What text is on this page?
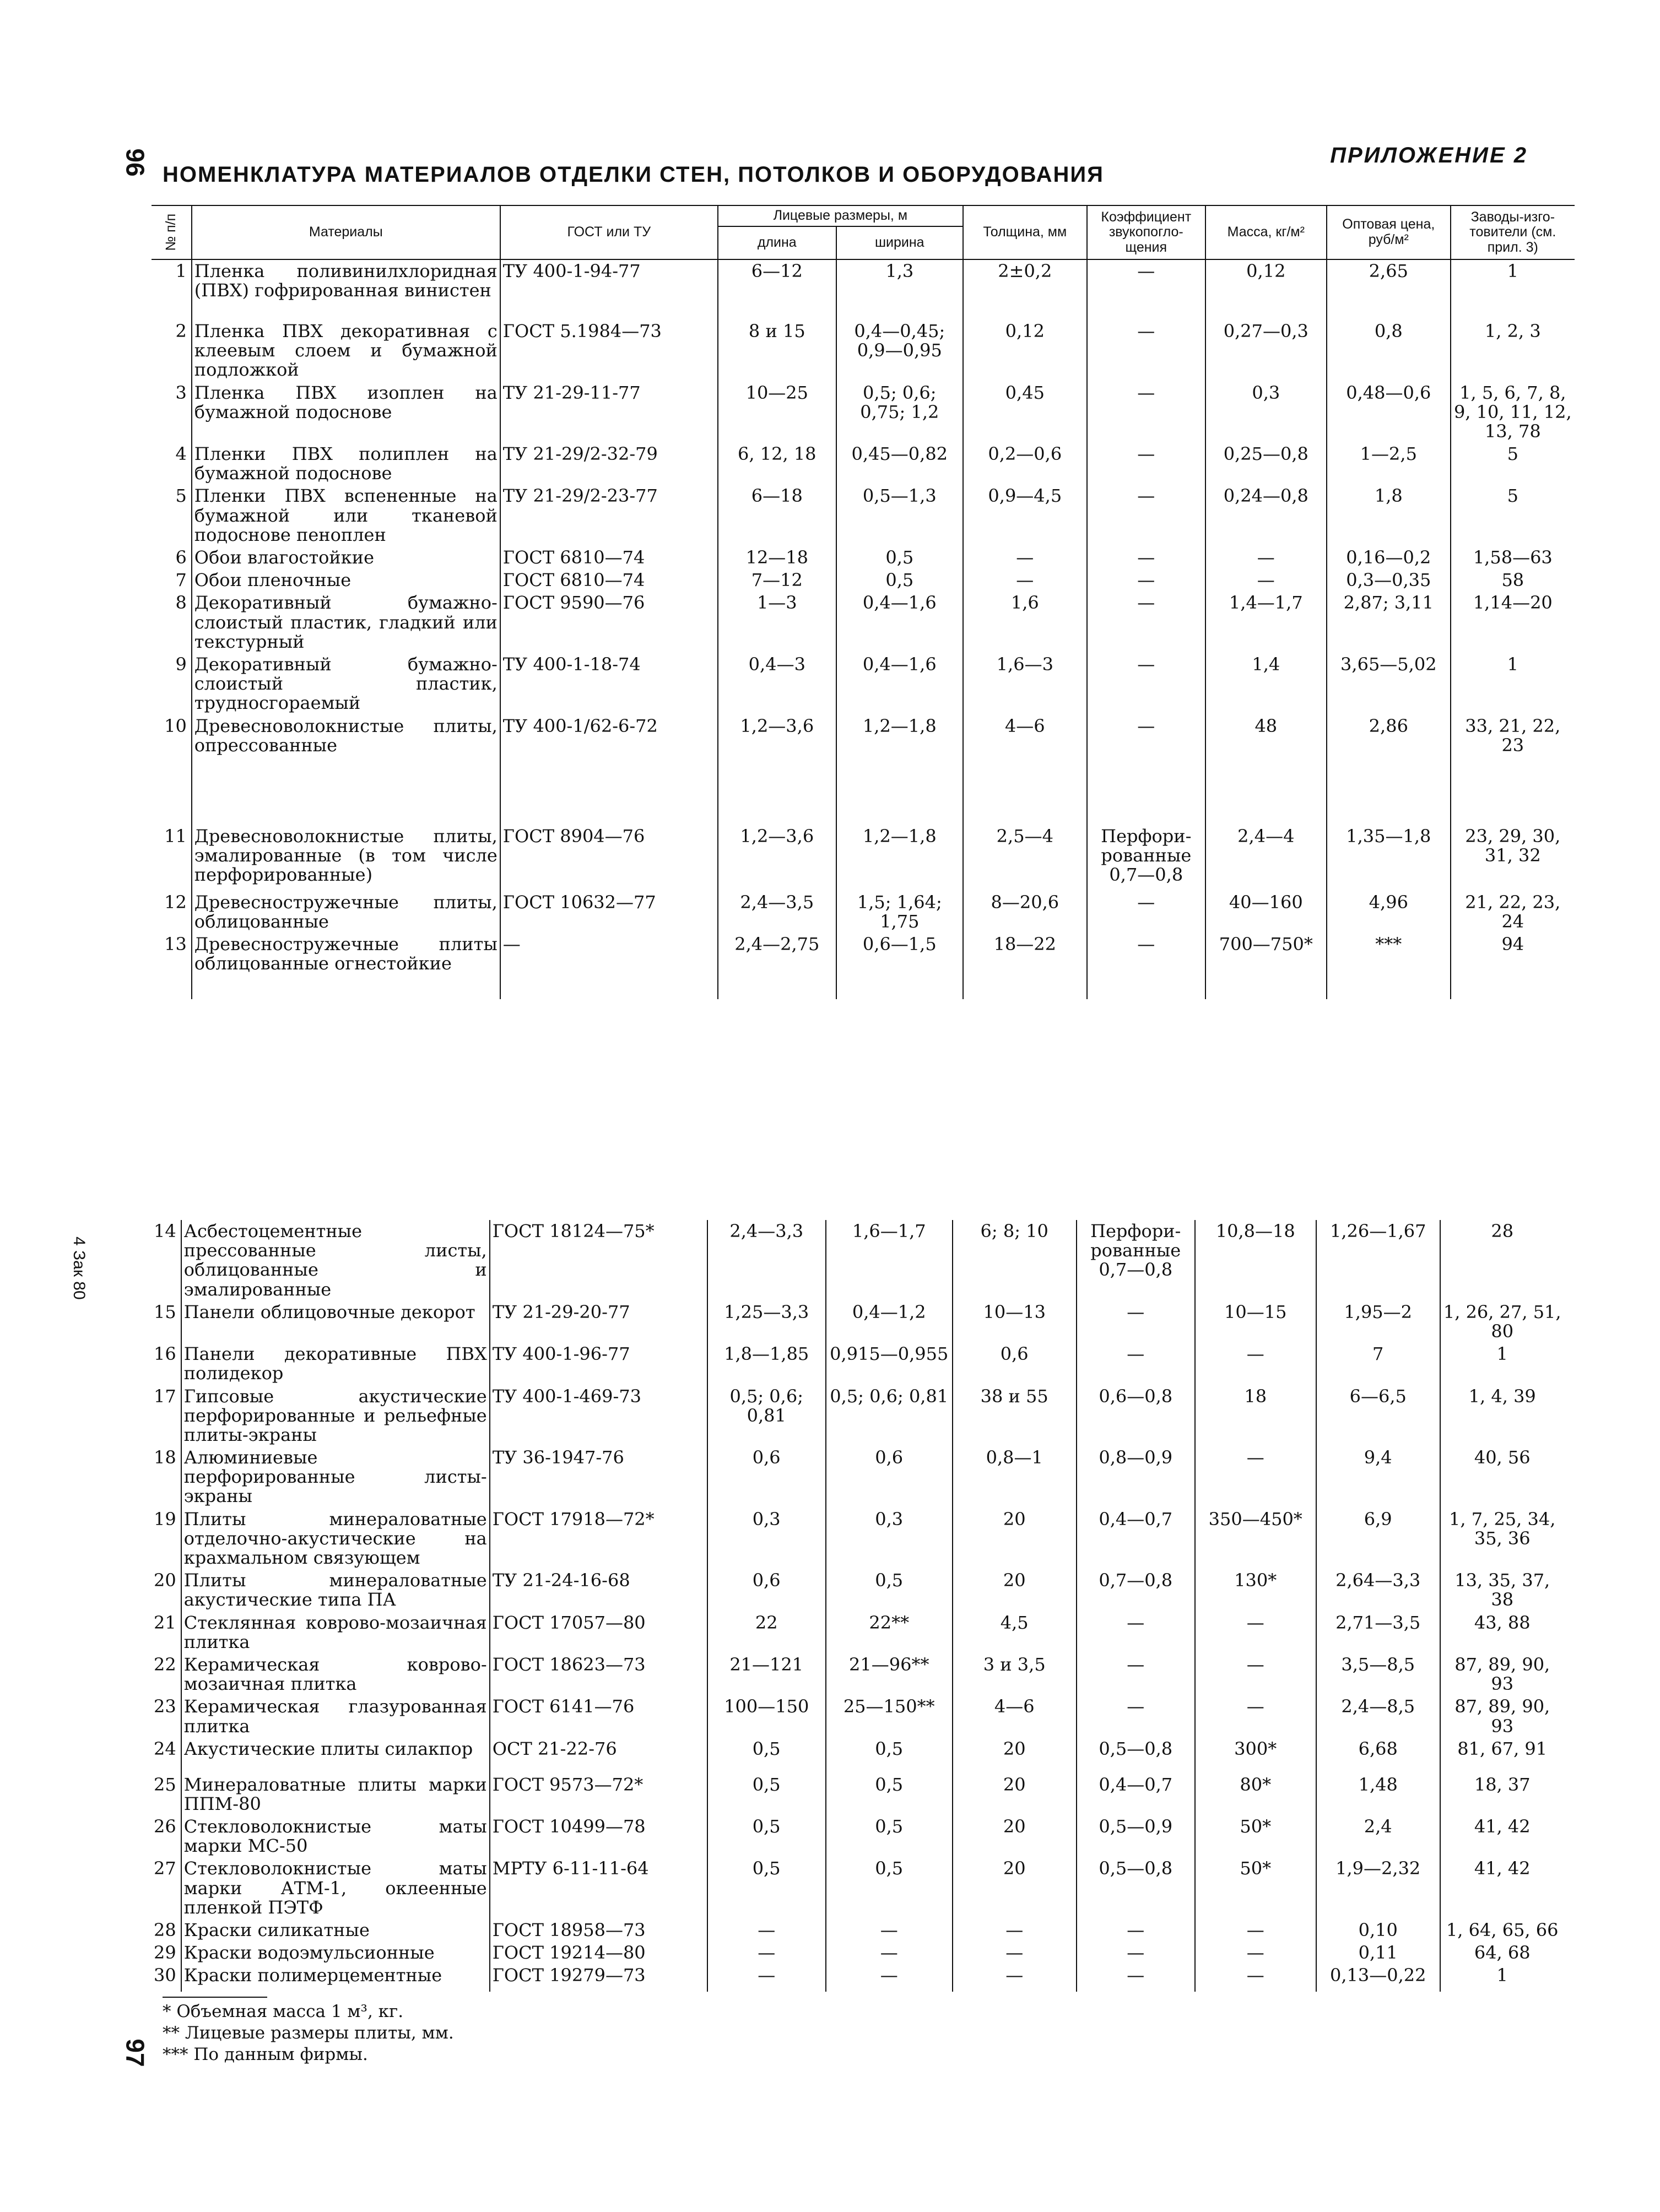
96
4 Зак 80
97
НОМЕНКЛАТУРА МАТЕРИАЛОВ ОТДЕЛКИ СТЕН, ПОТОЛКОВ И ОБОРУДОВАНИЯ
ПРИЛОЖЕНИЕ 2
№ п/п	Материалы	ГОСТ или ТУ	Лицевые размеры, м		Толщина, мм	Коэффициент звукопогло-щения	Масса, кг/м²	Оптовая цена, руб/м²	Заводы-изго-товители (см. прил. 3)
			длина	ширина					
1	Пленка поливинилхлоридная (ПВХ) гофрированная винистен	ТУ 400-1-94-77	6—12	1,3	2±0,2	—	0,12	2,65	1
2	Пленка ПВХ декоративная с клеевым слоем и бумажной подложкой	ГОСТ 5.1984—73	8 и 15	0,4—0,45; 0,9—0,95	0,12	—	0,27—0,3	0,8	1, 2, 3
3	Пленка ПВХ изоплен на бумажной подоснове	ТУ 21-29-11-77	10—25	0,5; 0,6; 0,75; 1,2	0,45	—	0,3	0,48—0,6	1, 5, 6, 7, 8, 9, 10, 11, 12, 13, 78
4	Пленки ПВХ полиплен на бумажной подоснове	ТУ 21-29/2-32-79	6, 12, 18	0,45—0,82	0,2—0,6	—	0,25—0,8	1—2,5	5
5	Пленки ПВХ вспененные на бумажной или тканевой подоснове пеноплен	ТУ 21-29/2-23-77	6—18	0,5—1,3	0,9—4,5	—	0,24—0,8	1,8	5
6	Обои влагостойкие	ГОСТ 6810—74	12—18	0,5	—	—	—	0,16—0,2	1,58—63
7	Обои пленочные	ГОСТ 6810—74	7—12	0,5	—	—	—	0,3—0,35	58
8	Декоративный бумажно-слоистый пластик, гладкий или текстурный	ГОСТ 9590—76	1—3	0,4—1,6	1,6	—	1,4—1,7	2,87; 3,11	1,14—20
9	Декоративный бумажно-слоистый пластик, трудносгораемый	ТУ 400-1-18-74	0,4—3	0,4—1,6	1,6—3	—	1,4	3,65—5,02	1
10	Древесноволокнистые плиты, опрессованные	ТУ 400-1/62-6-72	1,2—3,6	1,2—1,8	4—6	—	48	2,86	33, 21, 22, 23
11	Древесноволокнистые плиты, эмалированные (в том числе перфорированные)	ГОСТ 8904—76	1,2—3,6	1,2—1,8	2,5—4	Перфори-рованные 0,7—0,8	2,4—4	1,35—1,8	23, 29, 30, 31, 32
12	Древесностружечные плиты, облицованные	ГОСТ 10632—77	2,4—3,5	1,5; 1,64; 1,75	8—20,6	—	40—160	4,96	21, 22, 23, 24
13	Древесностружечные плиты облицованные огнестойкие	—	2,4—2,75	0,6—1,5	18—22	—	700—750*	***	94
14	Асбестоцементные прессованные листы, облицованные и эмалированные	ГОСТ 18124—75*	2,4—3,3	1,6—1,7	6; 8; 10	Перфори-рованные 0,7—0,8	10,8—18	1,26—1,67	28
15	Панели облицовочные декорот	ТУ 21-29-20-77	1,25—3,3	0,4—1,2	10—13	—	10—15	1,95—2	1, 26, 27, 51, 80
16	Панели декоративные ПВХ полидекор	ТУ 400-1-96-77	1,8—1,85	0,915—0,955	0,6	—	—	7	1
17	Гипсовые акустические перфорированные и рельефные плиты-экраны	ТУ 400-1-469-73	0,5; 0,6; 0,81	0,5; 0,6; 0,81	38 и 55	0,6—0,8	18	6—6,5	1, 4, 39
18	Алюминиевые перфорированные листы-экраны	ТУ 36-1947-76	0,6	0,6	0,8—1	0,8—0,9	—	9,4	40, 56
19	Плиты минераловатные отделочно-акустические на крахмальном связующем	ГОСТ 17918—72*	0,3	0,3	20	0,4—0,7	350—450*	6,9	1, 7, 25, 34, 35, 36
20	Плиты минераловатные акустические типа ПА	ТУ 21-24-16-68	0,6	0,5	20	0,7—0,8	130*	2,64—3,3	13, 35, 37, 38
21	Стеклянная ковpово-мозаичная плитка	ГОСТ 17057—80	22	22**	4,5	—	—	2,71—3,5	43, 88
22	Керамическая ковpово-мозаичная плитка	ГОСТ 18623—73	21—121	21—96**	3 и 3,5	—	—	3,5—8,5	87, 89, 90, 93
23	Керамическая глазурованная плитка	ГОСТ 6141—76	100—150	25—150**	4—6	—	—	2,4—8,5	87, 89, 90, 93
24	Акустические плиты силакпор	ОСТ 21-22-76	0,5	0,5	20	0,5—0,8	300*	6,68	81, 67, 91
25	Минераловатные плиты марки ППМ-80	ГОСТ 9573—72*	0,5	0,5	20	0,4—0,7	80*	1,48	18, 37
26	Стекловолокнистые маты марки МС-50	ГОСТ 10499—78	0,5	0,5	20	0,5—0,9	50*	2,4	41, 42
27	Стекловолокнистые маты марки АТМ-1, оклеенные пленкой ПЭТФ	МРТУ 6-11-11-64	0,5	0,5	20	0,5—0,8	50*	1,9—2,32	41, 42
28	Краски силикатные	ГОСТ 18958—73	—	—	—	—	—	0,10	1, 64, 65, 66
29	Краски водоэмульсионные	ГОСТ 19214—80	—	—	—	—	—	0,11	64, 68
30	Краски полимерцементные	ГОСТ 19279—73	—	—	—	—	—	0,13—0,22	1
* Объемная масса 1 м³, кг.
** Лицевые размеры плиты, мм.
*** По данным фирмы.
